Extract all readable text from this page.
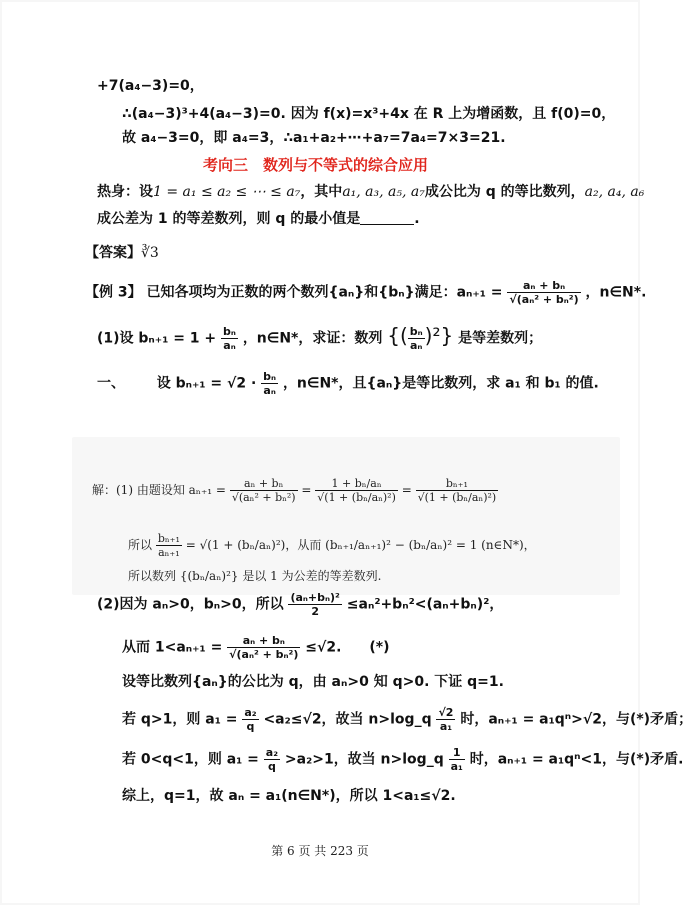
+7(a₄−3)=0，
∴(a₄−3)³+4(a₄−3)=0. 因为 f(x)=x³+4x 在 R 上为增函数，且 f(0)=0，
故 a₄−3=0，即 a₄=3，∴a₁+a₂+⋯+a₇=7a₄=7×3=21.
考向三　数列与不等式的综合应用
热身：设1 = a₁ ≤ a₂ ≤ ⋯ ≤ a₇，其中a₁, a₃, a₅, a₇成公比为 q 的等比数列，a₂, a₄, a₆
成公差为 1 的等差数列，则 q 的最小值是	.
【答案】∛3
【例 3】 已知各项均为正数的两个数列{aₙ}和{bₙ}满足：$a_{n+1} = \frac{\text{aₙ + bₙ}}{\text{√(aₙ² + bₙ²)}}$ ，n∈N*.
(1)设 $b_{n+1} = 1 + \frac{\text{bₙ}}{\text{aₙ}}$ ，n∈N*，求证：数列 {( $\frac{\text{bₙ}}{\text{aₙ}} )^2$} 是等差数列；
一、 设 $b_{n+1} = √2 \cdot \frac{\text{bₙ}}{\text{aₙ}}$ ，n∈N*，且{aₙ}是等比数列，求 a₁ 和 b₁ 的值.
解：(1) 由题设知 $a_{n+1} = \frac{\text{aₙ + bₙ}}{\text{√(aₙ² + bₙ²)}} = \frac{\text{1 + bₙ/aₙ}}{\text{√(1 + (bₙ/aₙ)²)}} = \frac{\text{bₙ₊₁}}{\text{√(1 + (bₙ/aₙ)²)}}$
所以 $\frac{\text{bₙ₊₁}}{\text{aₙ₊₁}} = √(1 + (b_n/a_n)^2)$，从而 (bₙ₊₁/aₙ₊₁)² − (bₙ/aₙ)² = 1 (n∈N*)，
所以数列 {(bₙ/aₙ)²} 是以 1 为公差的等差数列.
(2)因为 aₙ>0，bₙ>0，所以 $\frac{\text{(aₙ+bₙ)²}}{2} \le a_n^2+b_n^2<(a_n+b_n)^2$，
从而 $1<a_{n+1} = \frac{\text{aₙ + bₙ}}{\text{√(aₙ² + bₙ²)}} \le√2$.　　(*)
设等比数列{aₙ}的公比为 q，由 aₙ>0 知 q>0. 下证 q=1.
若 q>1，则 $a_1 = \frac{\text{a₂}}{q} <a_2\le√2$，故当 n>log_q $\frac{√2}{\text{a₁}}$ 时，aₙ₊₁ = a₁qⁿ>√2，与(*)矛盾；
若 0<q<1，则 $a_1 = \frac{\text{a₂}}{q} >a_2>1$，故当 n>log_q $\frac{1}{\text{a₁}}$ 时，aₙ₊₁ = a₁qⁿ<1，与(*)矛盾.
综上，q=1，故 aₙ = a₁(n∈N*)，所以 1<a₁≤√2.
第 6 页 共 223 页
